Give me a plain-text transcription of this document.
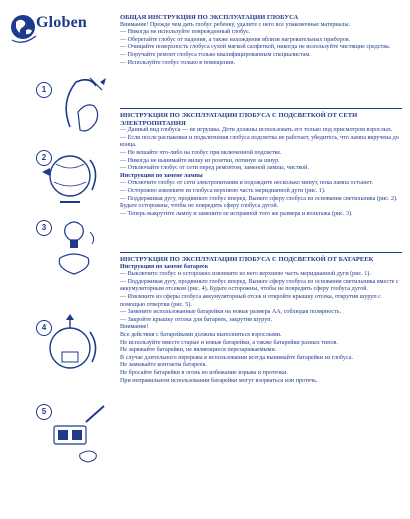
Globen	ОБЩАЯ ИНСТРУКЦИЯ ПО ЭКСПЛУАТАЦИИ ГЛОБУСА

Внимание! Прежде чем дать глобус ребенку, удалите с него все упаковочные материалы.

— Никогда не используйте поврежденный глобус.

— Оберегайте глобус от падения, а также нахождения вблизи нагревательных приборов.

— Очищайте поверхность глобуса сухой мягкой салфеткой, никогда не используйте чистящие средства.

— Поручайте ремонт глобуса только квалифицированным специалистам.

— Используйте глобус только в помещении.

ИНСТРУКЦИЯ ПО ЭКСПЛУАТАЦИИ ГЛОБУСА С ПОДСВЕТКОЙ ОТ СЕТИ ЭЛЕКТРОПИТАНИЯ

— Данный вид глобуса — не игрушка. Дети должны использовать его только под присмотром взрослых.

— Если после распаковки и подключения глобуса подсветка не работает, убедитесь, что лампа вкручена до конца.

— Не вешайте что-либо на глобус при включенной подсветке.

— Никогда не вынимайте вилку из розетки, потянув за шнур.

— Отключайте глобус от сети перед ремонтом, заменой лампы, чисткой.

Инструкция по замене лампы

— Отключите глобус от сети электропитания и подождите несколько минут, пока лампа остынет.

— Осторожно извлеките из глобуса верхнюю часть меридианной дуги (рис. 1).

— Поддерживая дугу, продвиньте глобус вперед. Выньте сферу глобуса из основания светильника (рис. 2). Будьте осторожны, чтобы не повредить сферу глобуса дугой.

— Теперь выкрутите лампу и замените ее исправной того же размера и вольтажа (рис. 3).

ИНСТРУКЦИЯ ПО ЭКСПЛУАТАЦИИ ГЛОБУСА С ПОДСВЕТКОЙ ОТ БАТАРЕЕК

Инструкция по замене батареек

— Выключите глобус и осторожно извлеките из него верхнюю часть меридианной дуги (рис. 1).

— Поддерживая дугу, продвиньте глобус вперед. Выньте сферу глобуса из основания светильника вместе с аккумуляторным отсеком (рис. 4). Будьте осторожны, чтобы не повредить сферу глобуса дугой.

— Извлеките из сферы глобуса аккумуляторный отсек и откройте крышку отсека, открутив шуруп с помощью отвертки (рис. 5).

— Замените использованные батарейки на новые размера АА, соблюдая полярность.

— Закройте крышку отсека для батареек, закрутив шуруп.

Внимание!

Все действия с батарейками должны выполняться взрослыми.

Не используйте вместе старые и новые батарейки, а также батарейки разных типов.

Не заряжайте батарейки, не являющиеся перезаряжаемыми.

В случае длительного перерыва в использовании всегда вынимайте батарейки из глобуса.

Не замыкайте контакты батареек.

Не бросайте батарейки в огонь во избежание взрыва и протечки.

При неправильном использовании батарейки могут взорваться или протечь.

1
2
3
4
5
